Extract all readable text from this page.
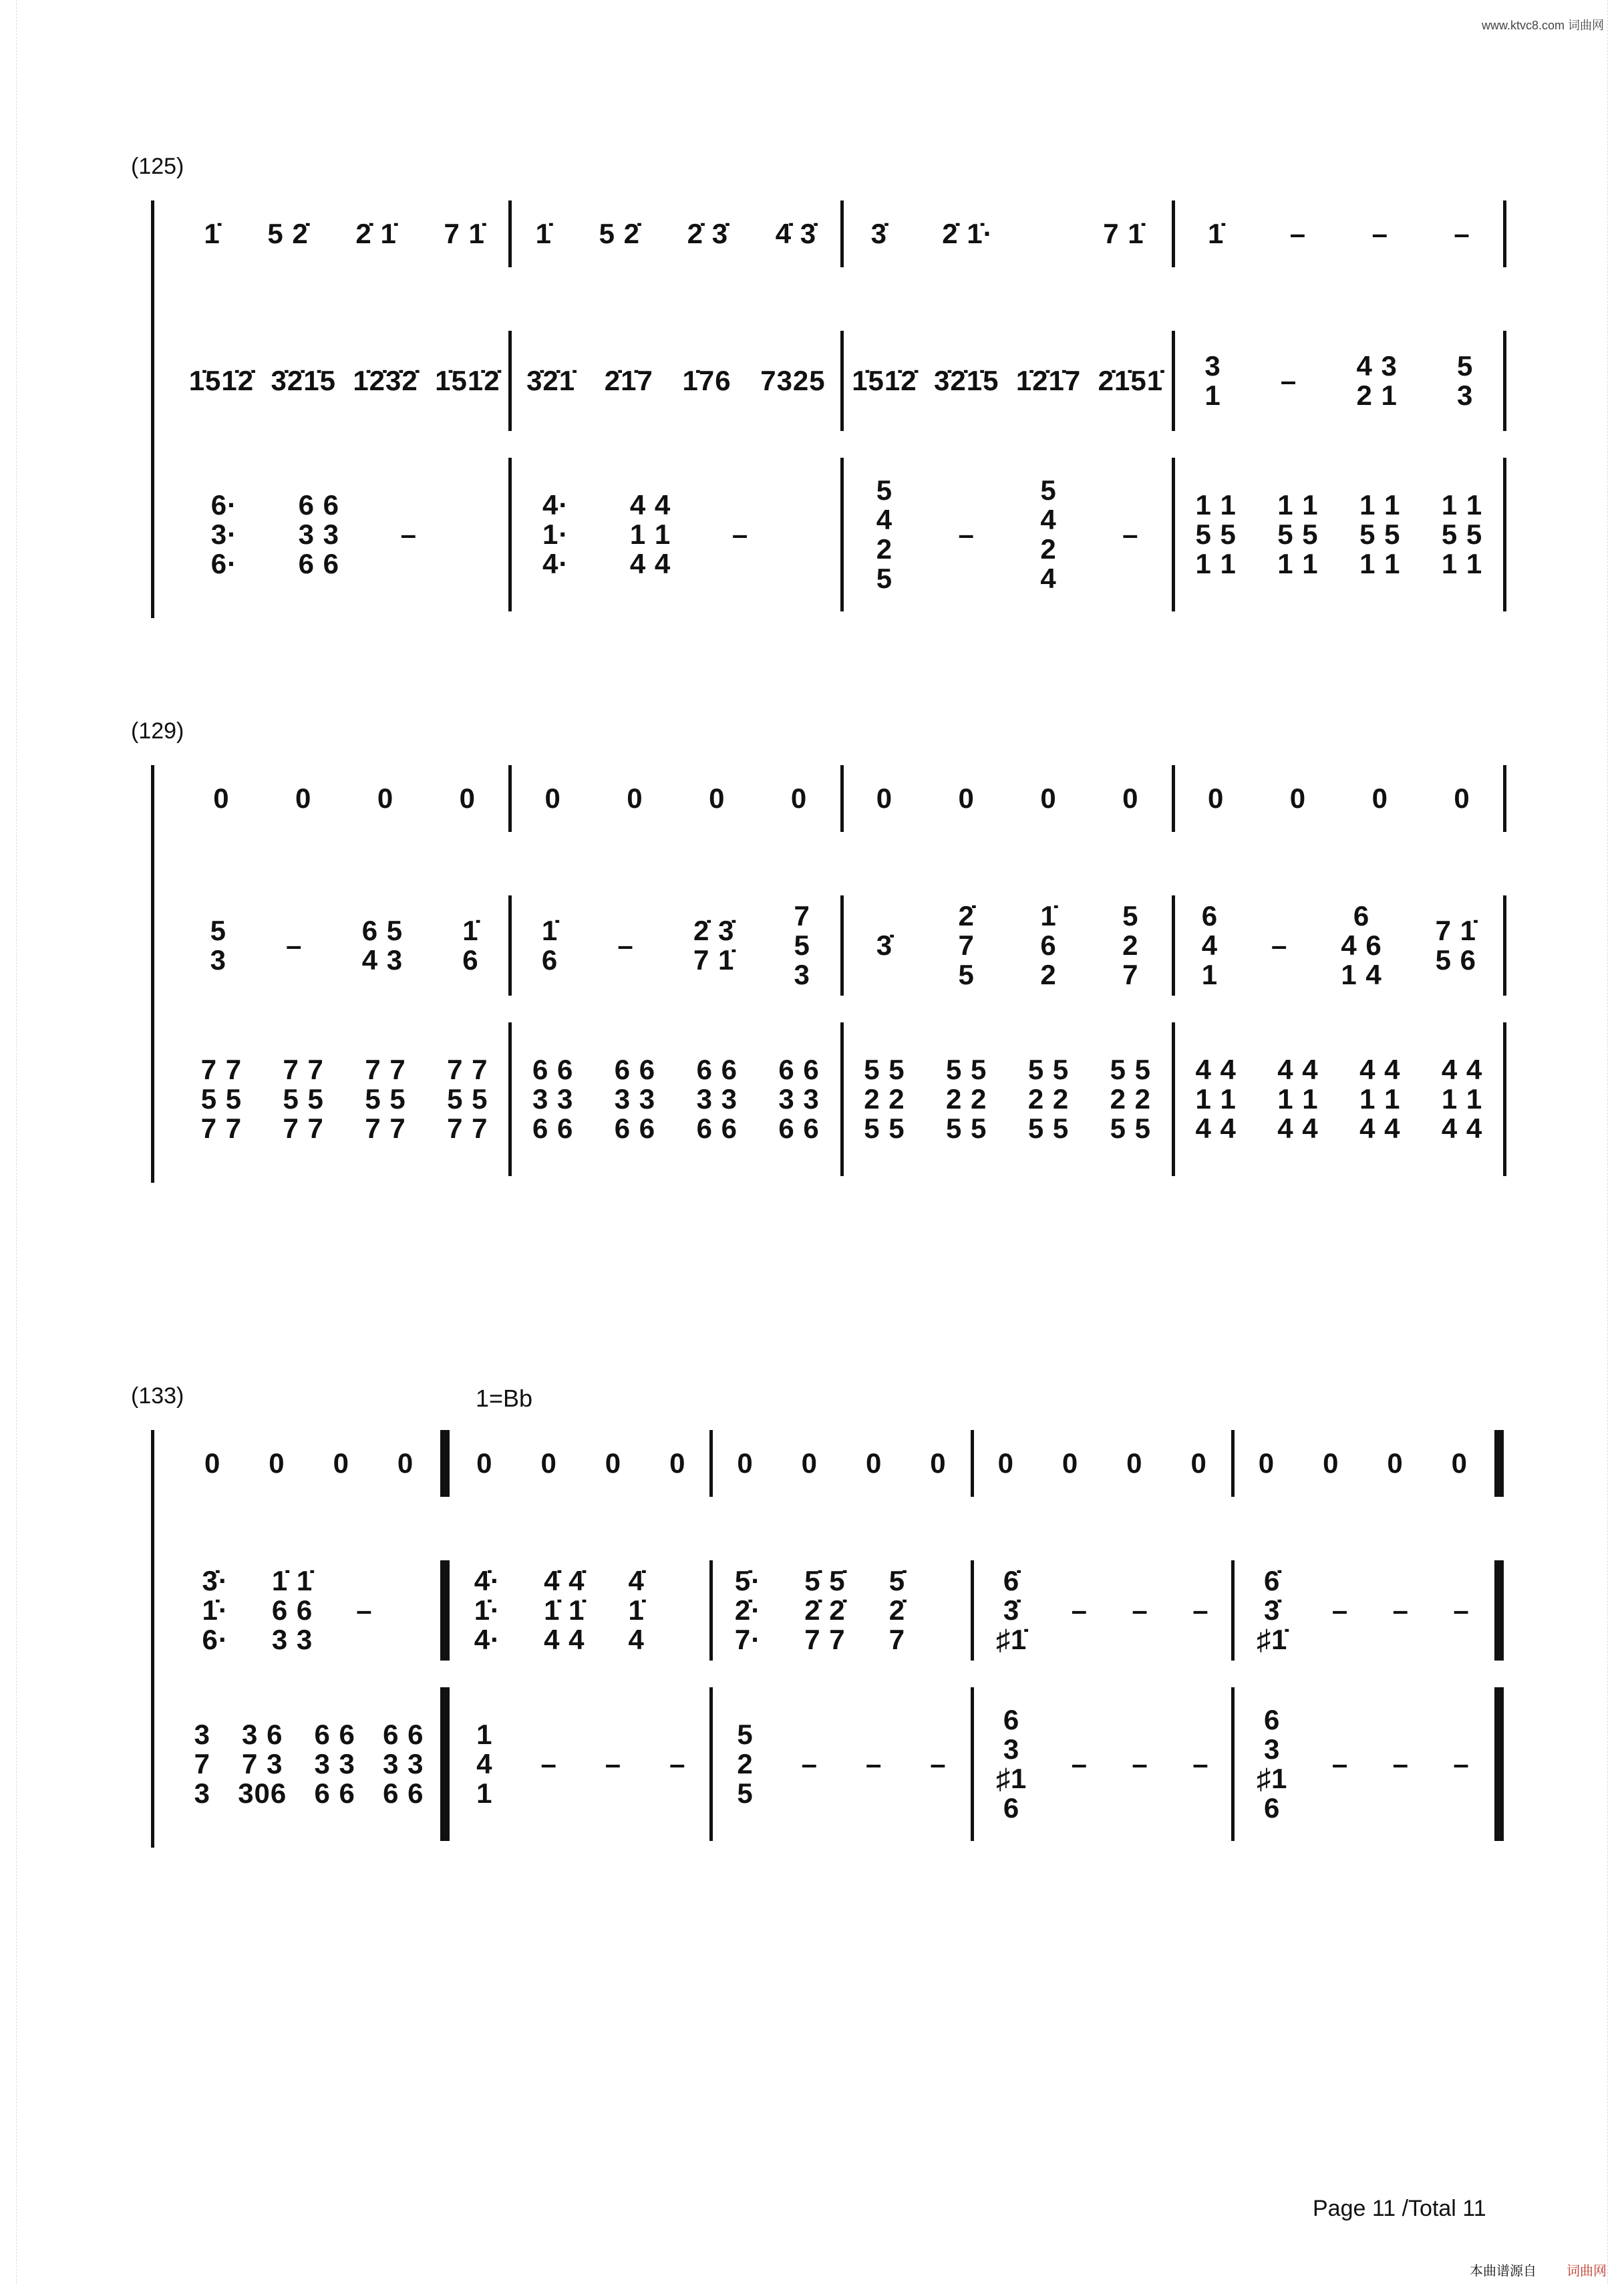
www.ktvc8.com 词曲网
(125)
1̇ 5 2̇ 2̇ 1̇ 7 1̇ 1̇ 5 2̇ 2̇ 3̇ 4̇ 3̇ 3̇ 2̇ 1̇·	7 1̇ 1̇ – – –
1̇51̇2̇ 3̇2̇1̇5 1̇2̇3̇2̇ 1̇51̇2̇ 3̇2̇1̇ 2̇1̇7 1̇76 7325 1̇51̇2̇ 3̇2̇1̇5 1̇2̇1̇7 2̇1̇51̇ 3
1 – 4 3
2 1
5
3
6·
3·
6·
6 6
3 3
6 6
–
4·
1·
4·
4 4
1 1
4 4
–
5
4
2
5
–
5
4
2
4
–
1 1
5 5
1 1
1 1
5 5
1 1
1 1
5 5
1 1
1 1
5 5
1 1
(129)
0 0 0 0 0 0 0 0 0 0 0 0 0 0 0 0
5
3 – 6 5
4 3
1̇
6
1̇
6 – 2̇ 3̇
7 1̇
7
5
3
3̇
2̇
7
5
1̇
6
2
5
2
7
6
4
1
–
6
4 6
1 4
7 1̇
5 6
7 7
5 5
7 7
7 7
5 5
7 7
7 7
5 5
7 7
7 7
5 5
7 7
6 6
3 3
6 6
6 6
3 3
6 6
6 6
3 3
6 6
6 6
3 3
6 6
5 5
2 2
5 5
5 5
2 2
5 5
5 5
2 2
5 5
5 5
2 2
5 5
4 4
1 1
4 4
4 4
1 1
4 4
4 4
1 1
4 4
4 4
1 1
4 4
(133)	1=Bb
0 0 0 0 0 0 0 0 0 0 0 0 0 0 0 0 0 0 0 0
3̇·
1̇·
6·
1̇ 1̇
6 6
3 3
–
4̇·
1̇·
4·
4̇ 4̇
1̇ 1̇
4 4
4̇
1̇
4
5̇·
2̇·
7·
5̇ 5̇
2̇ 2̇
7 7
5̇
2̇
7
6̇
3̇
♯1̇
– – –
6̇
3̇
♯1̇
– – –
3
7
3
3 6
7 3
306
6 6
3 3
6 6
6 6
3 3
6 6
1
4
1
– – –
5
2
5
– – –
6
3
♯1
6
– – –
6
3
♯1
6
– – –
Page 11 /Total 11
本曲谱源自 词曲网
